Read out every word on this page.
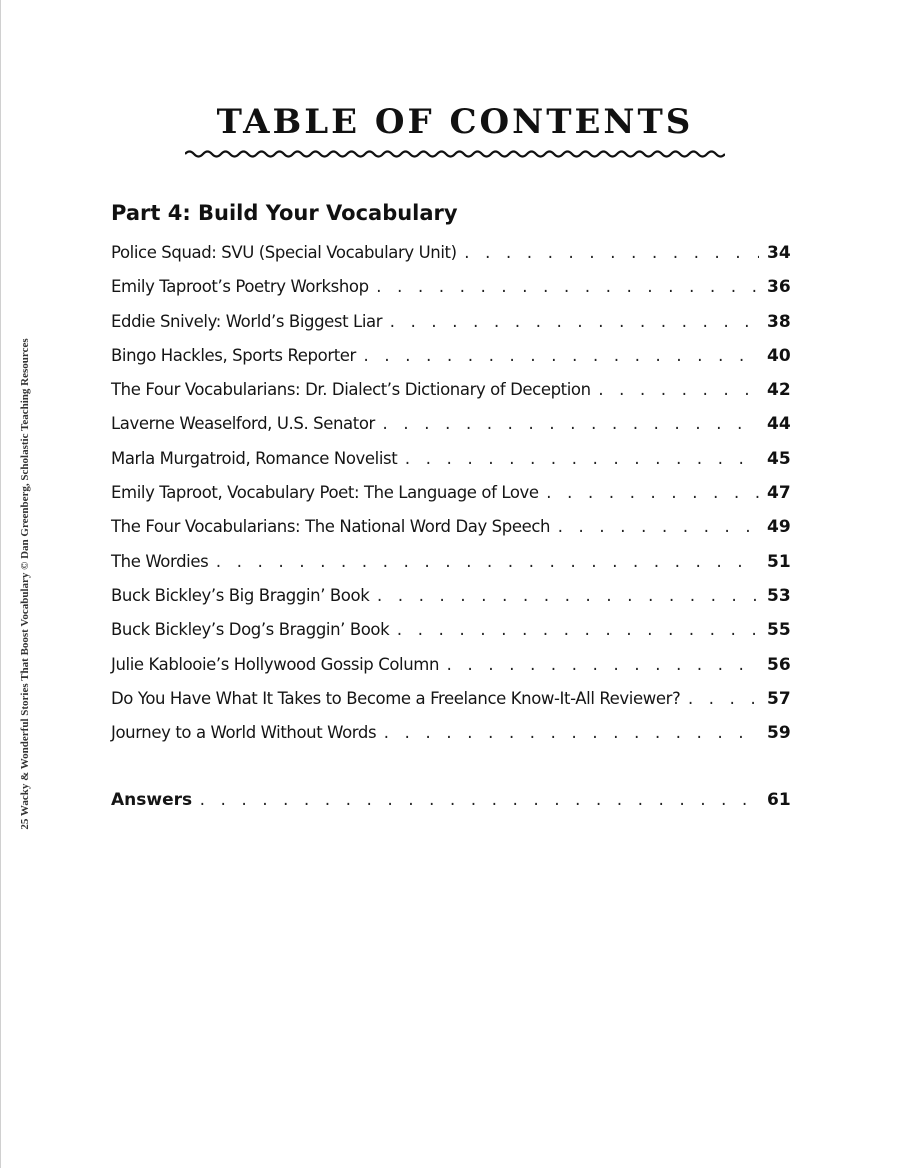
25 Wacky & Wonderful Stories That Boost Vocabulary © Dan Greenberg, Scholastic Teaching Resources
TABLE OF CONTENTS
Part 4: Build Your Vocabulary
Police Squad: SVU (Special Vocabulary Unit) . . .	34
Emily Taproot’s Poetry Workshop . . .	36
Eddie Snively: World’s Biggest Liar . . .	38
Bingo Hackles, Sports Reporter . . .	40
The Four Vocabularians: Dr. Dialect’s Dictionary of Deception . . .	42
Laverne Weaselford, U.S. Senator . . .	44
Marla Murgatroid, Romance Novelist . . .	45
Emily Taproot, Vocabulary Poet: The Language of Love . . .	47
The Four Vocabularians: The National Word Day Speech . . .	49
The Wordies . . .	51
Buck Bickley’s Big Braggin’ Book . . .	53
Buck Bickley’s Dog’s Braggin’ Book . . .	55
Julie Kablooie’s Hollywood Gossip Column . . .	56
Do You Have What It Takes to Become a Freelance Know-It-All Reviewer? . . .	57
Journey to a World Without Words . . .	59
Answers . . .	61
